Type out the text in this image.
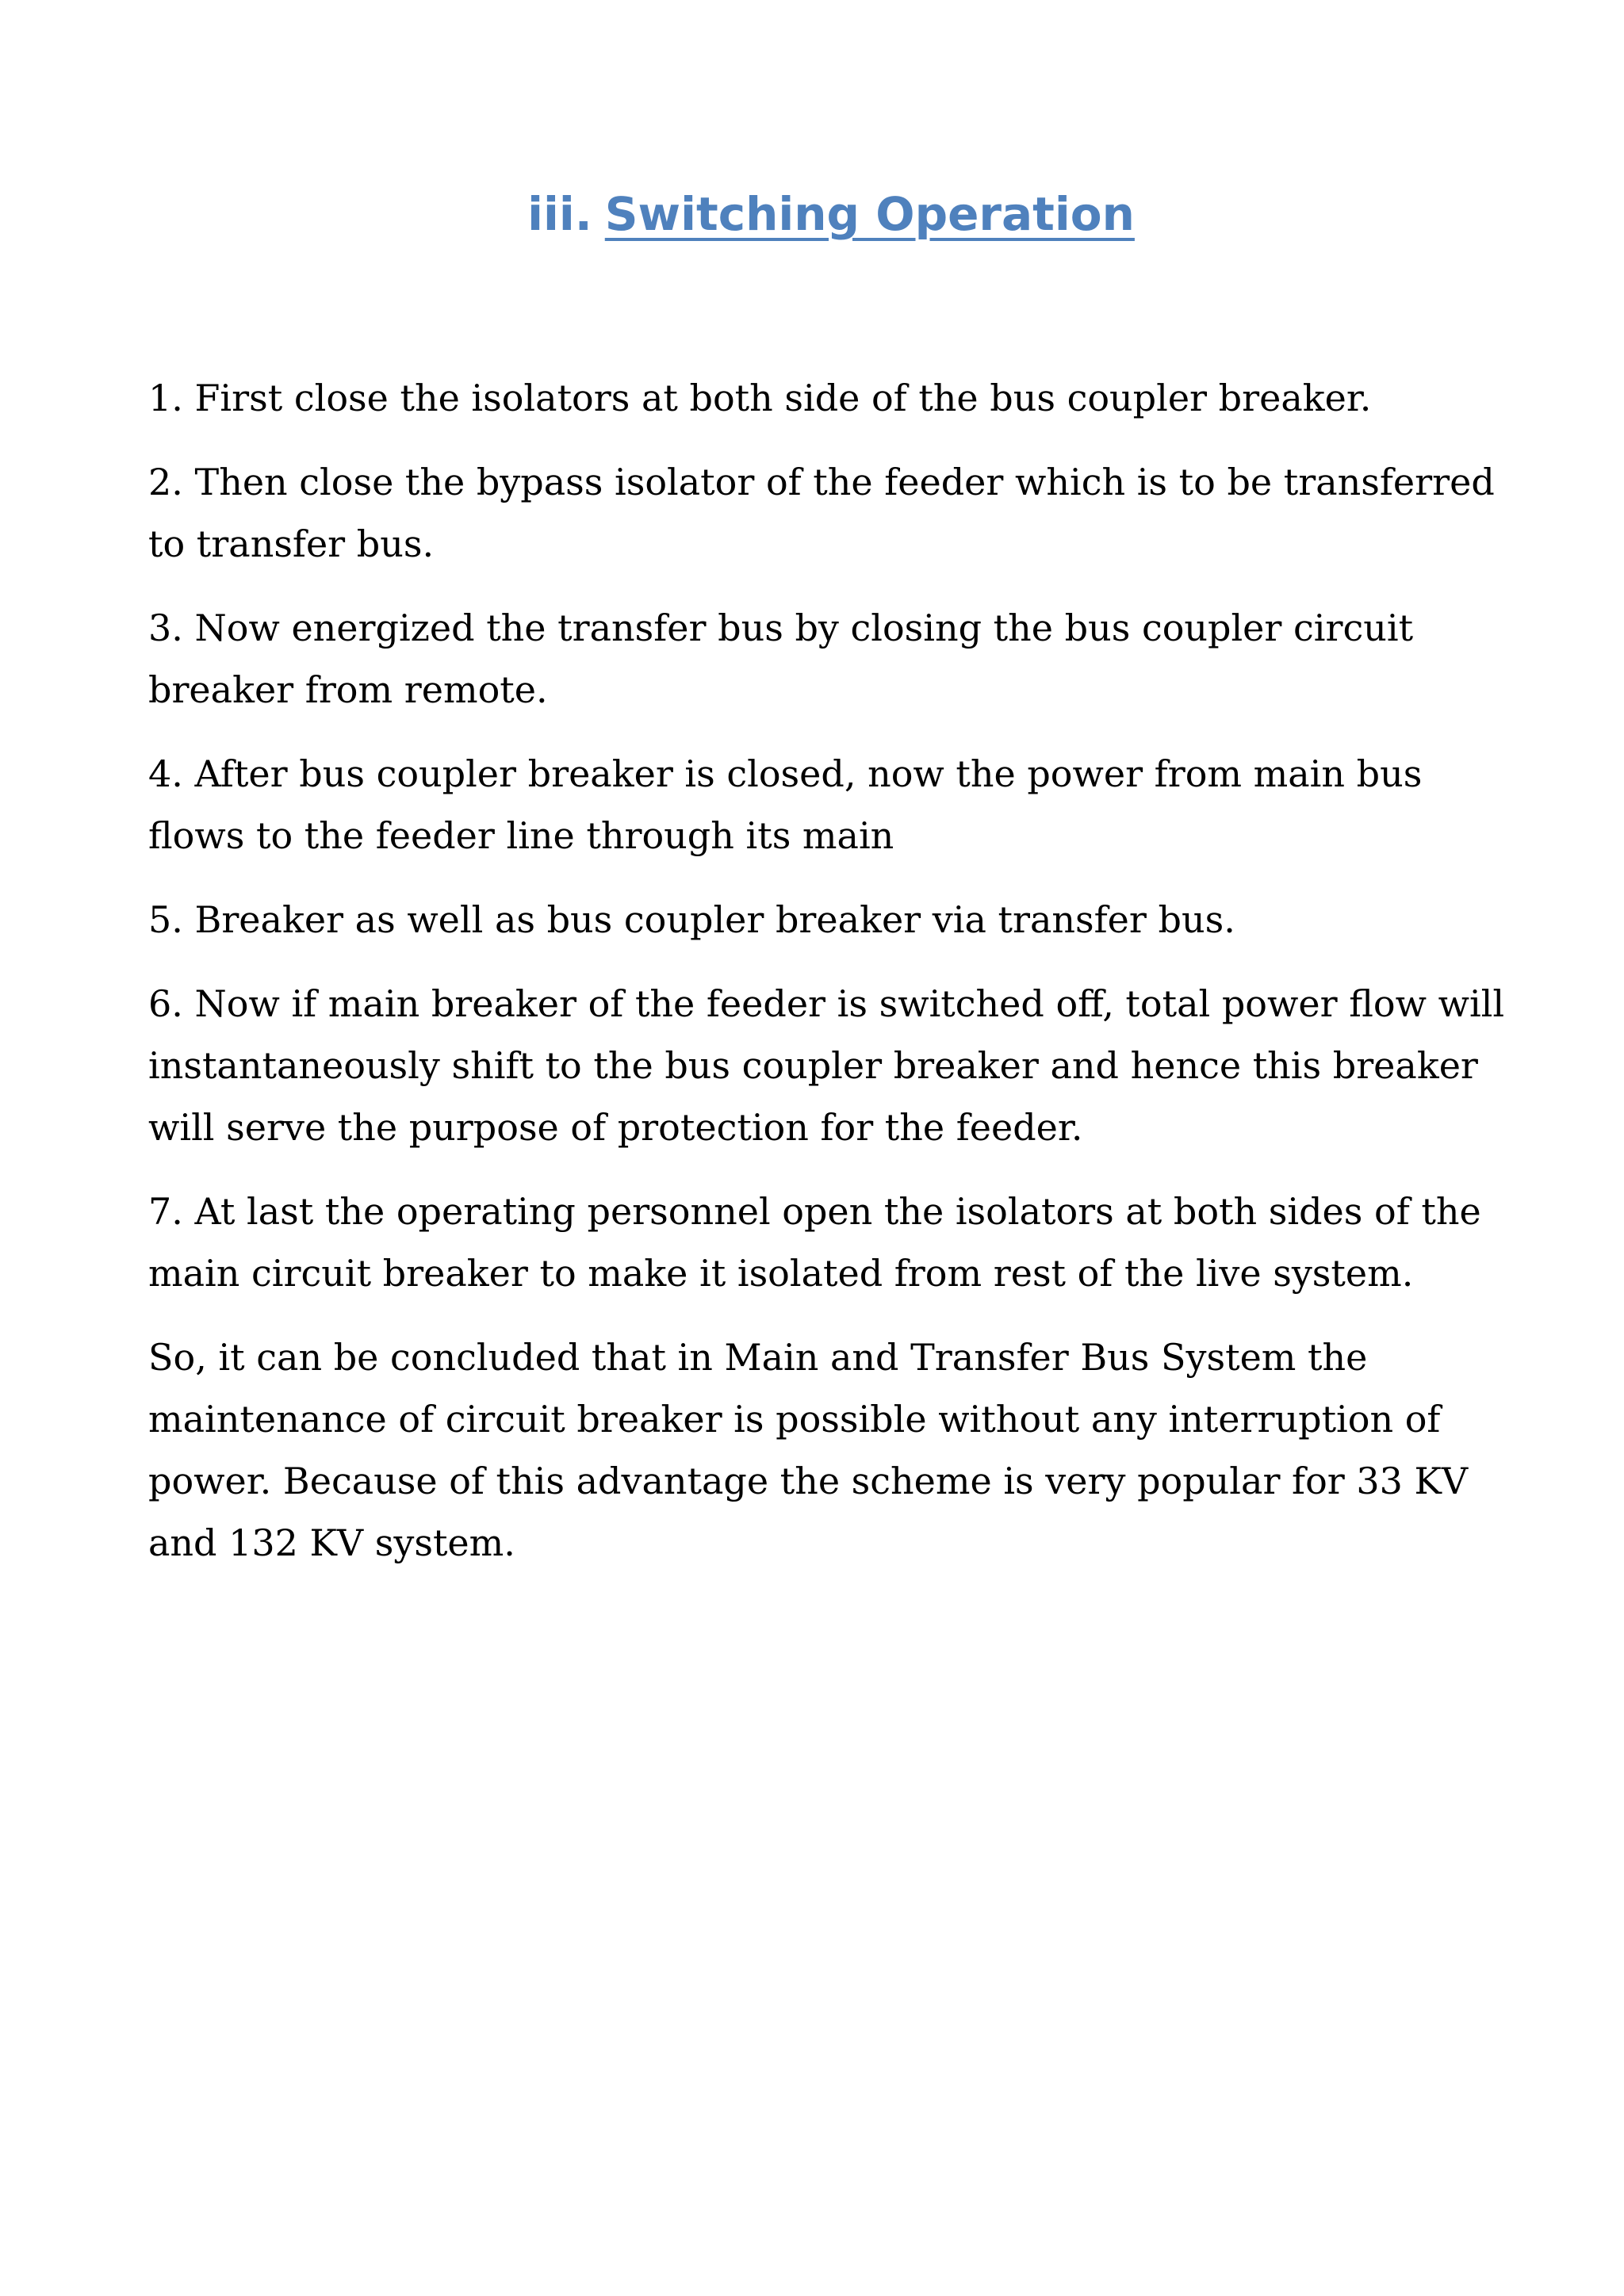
iii. Switching Operation

1. First close the isolators at both side of the bus coupler breaker.

2. Then close the bypass isolator of the feeder which is to be transferred to transfer bus.

3. Now energized the transfer bus by closing the bus coupler circuit breaker from remote.

4. After bus coupler breaker is closed, now the power from main bus flows to the feeder line through its main

5. Breaker as well as bus coupler breaker via transfer bus.

6. Now if main breaker of the feeder is switched off, total power flow will instantaneously shift to the bus coupler breaker and hence this breaker will serve the purpose of protection for the feeder.

7. At last the operating personnel open the isolators at both sides of the main circuit breaker to make it isolated from rest of the live system.

So, it can be concluded that in Main and Transfer Bus System the maintenance of circuit breaker is possible without any interruption of power. Because of this advantage the scheme is very popular for 33 KV and 132 KV system.
